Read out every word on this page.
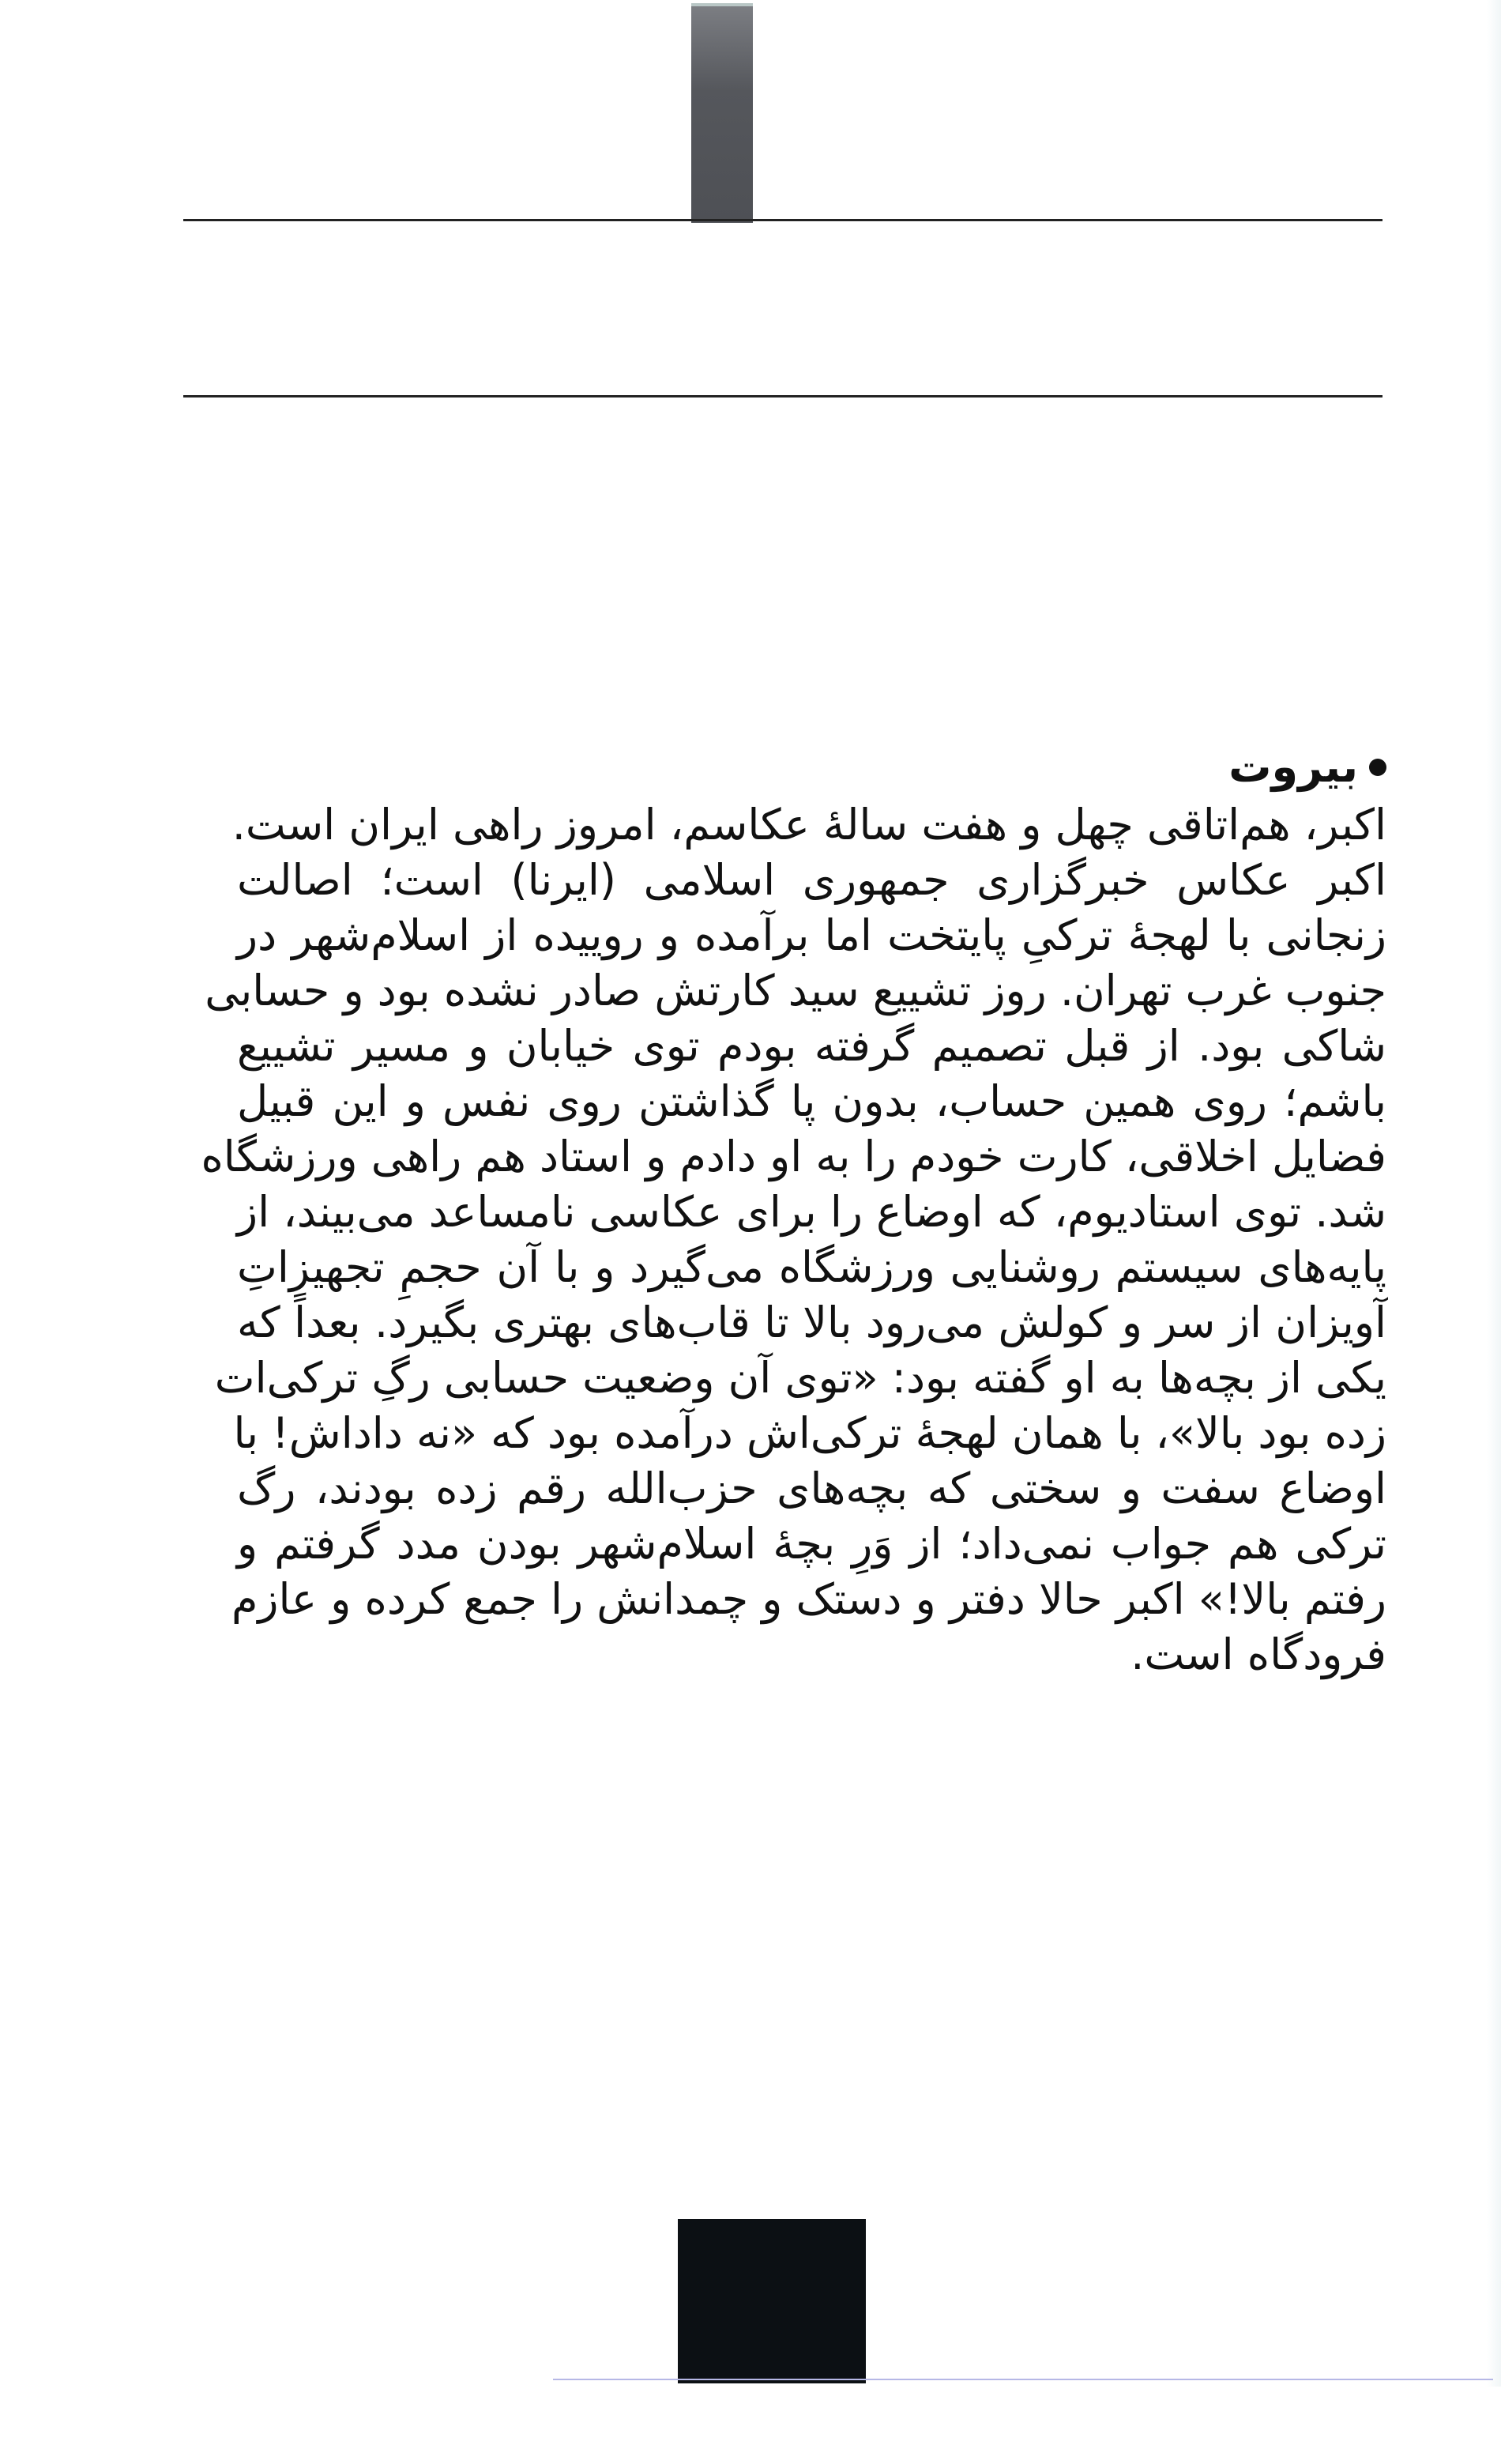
بیروت
اکبر، هم‌اتاقی چهل و هفت سالهٔ عکاسم، امروز راهی ایران است.
اکبر عکاس خبرگزاری جمهوری اسلامی (ایرنا) است؛ اصالت
زنجانی با لهجهٔ ترکیِ پایتخت اما برآمده و روییده از اسلام‌شهر در
جنوب غرب تهران. روز تشییع سید کارتش صادر نشده بود و حسابی
شاکی بود. از قبل تصمیم گرفته بودم توی خیابان و مسیر تشییع
باشم؛ روی همین حساب، بدون پا گذاشتن روی نفس و این قبیل
فضایل اخلاقی، کارت خودم را به او دادم و استاد هم راهی ورزشگاه
شد. توی استادیوم، که اوضاع را برای عکاسی نامساعد می‌بیند، از
پایه‌های سیستم روشنایی ورزشگاه می‌گیرد و با آن حجمِ تجهیزاتِ
آویزان از سر و کولش می‌رود بالا تا قاب‌های بهتری بگیرد. بعداً که
یکی از بچه‌ها به او گفته بود: «توی آن وضعیت حسابی رگِ ترکی‌ات
زده بود بالا»، با همان لهجهٔ ترکی‌اش درآمده بود که «نه داداش! با
اوضاع سفت و سختی که بچه‌های حزب‌الله رقم زده بودند، رگ
ترکی هم جواب نمی‌داد؛ از وَرِ بچهٔ اسلام‌شهر بودن مدد گرفتم و
رفتم بالا!» اکبر حالا دفتر و دستک و چمدانش را جمع کرده و عازم
فرودگاه است.
